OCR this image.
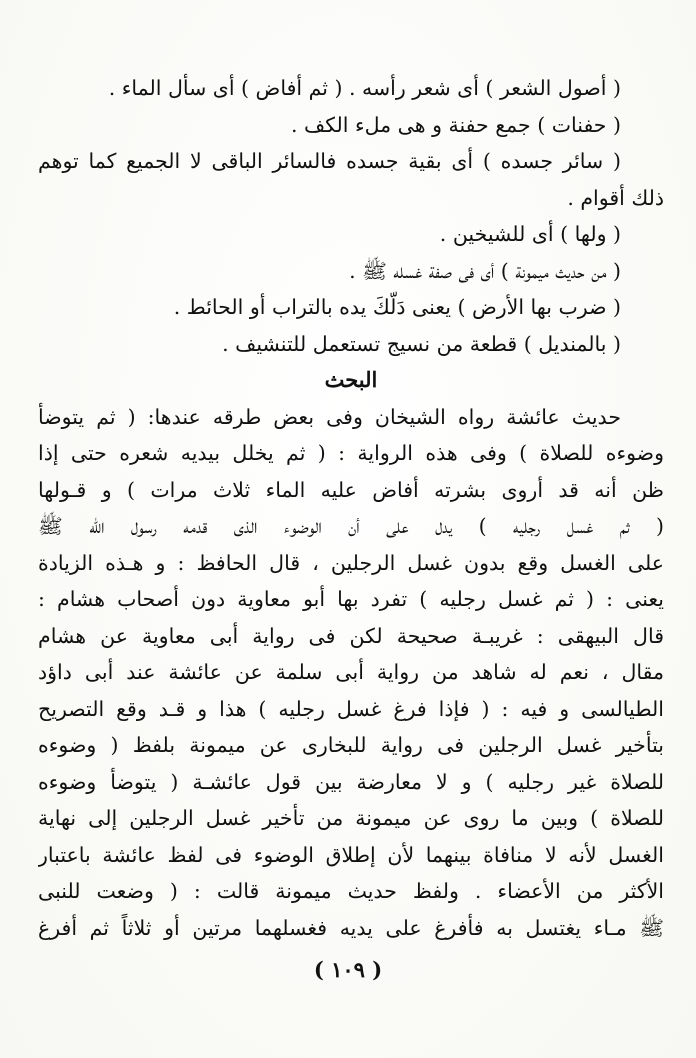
( أصول الشعر ) أى شعر رأسه . ( ثم أفاض ) أى سأل الماء .
( حفنات ) جمع حفنة و هى ملء الكف .
( سائر جسده ) أى بقية جسده فالسائر الباقى لا الجميع كما توهم
ذلك أقوام .
( ولها ) أى للشيخين .
( من حديث ميمونة ) أى فى صفة غسله ﷺ .
( ضرب بها الأرض ) يعنى دَلّكَ يده بالتراب أو الحائط .
( بالمنديل ) قطعة من نسيج تستعمل للتنشيف .
البحث
حديث عائشة رواه الشيخان وفى بعض طرقه عندها: ( ثم يتوضأ
وضوءه للصلاة ) وفى هذه الرواية : ( ثم يخلل بيديه شعره حتى إذا
ظن أنه قد أروى بشرته أفاض عليه الماء ثلاث مرات ) و قـولها
( ثم غسل رجليه ) يدل على أن الوضوء الذى قدمه رسول الله ﷺ
على الغسل وقع بدون غسل الرجلين ، قال الحافظ : و هـذه الزيادة
يعنى : ( ثم غسل رجليه ) تفرد بها أبو معاوية دون أصحاب هشام :
قال البيهقى : غريبـة صحيحة لكن فى رواية أبى معاوية عن هشام
مقال ، نعم له شاهد من رواية أبى سلمة عن عائشة عند أبى داؤد
الطيالسى و فيه : ( فإذا فرغ غسل رجليه ) هذا و قـد وقع التصريح
بتأخير غسل الرجلين فى رواية للبخارى عن ميمونة بلفظ ( وضوءه
للصلاة غير رجليه ) و لا معارضة بين قول عائشـة ( يتوضأ وضوءه
للصلاة ) وبين ما روى عن ميمونة من تأخير غسل الرجلين إلى نهاية
الغسل لأنه لا منافاة بينهما لأن إطلاق الوضوء فى لفظ عائشة باعتبار
الأكثر من الأعضاء . ولفظ حديث ميمونة قالت : ( وضعت للنبى
ﷺ مـاء يغتسل به فأفرغ على يديه فغسلهما مرتين أو ثلاثاً ثم أفرغ
( ١٠٩ )
